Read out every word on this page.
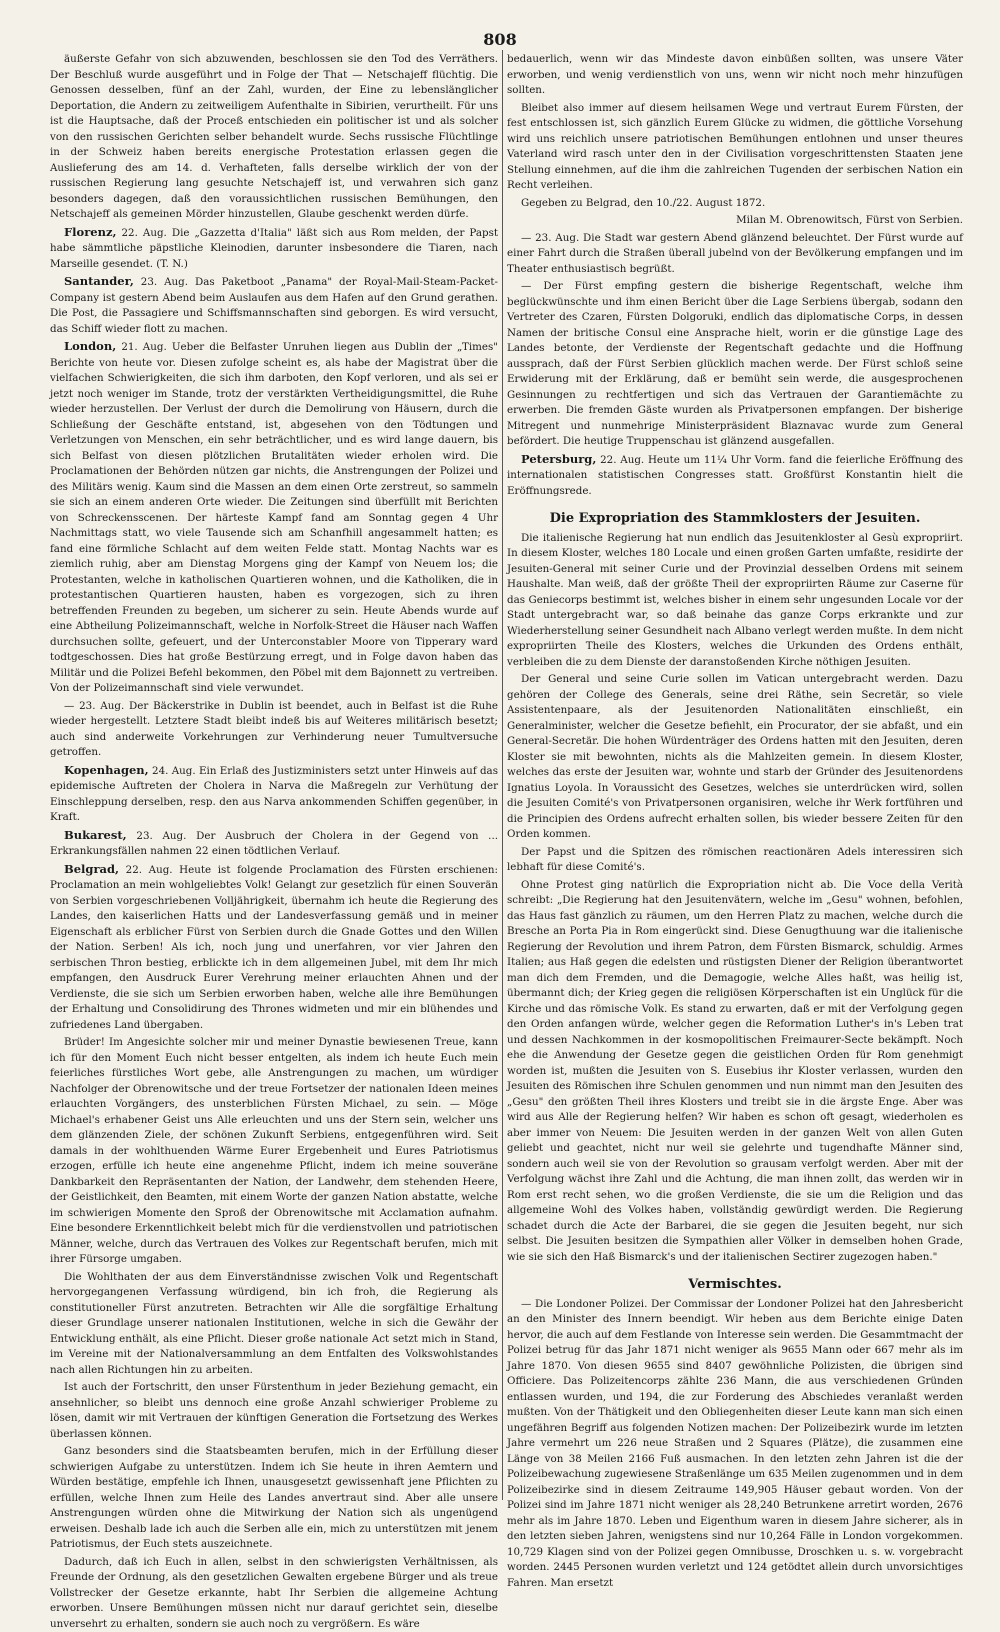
808

äußerste Gefahr von sich abzuwenden, beschlossen sie den Tod des Verräthers. Der Beschluß wurde ausgeführt und in Folge der That — Netschajeff flüchtig. Die Genossen desselben, fünf an der Zahl, wurden, der Eine zu lebenslänglicher Deportation, die Andern zu zeitweiligem Aufenthalte in Sibirien, verurtheilt. Für uns ist die Hauptsache, daß der Proceß entschieden ein politischer ist und als solcher von den russischen Gerichten selber behandelt wurde. Sechs russische Flüchtlinge in der Schweiz haben bereits energische Protestation erlassen gegen die Auslieferung des am 14. d. Verhafteten, falls derselbe wirklich der von der russischen Regierung lang gesuchte Netschajeff ist, und verwahren sich ganz besonders dagegen, daß den voraussichtlichen russischen Bemühungen, den Netschajeff als gemeinen Mörder hinzustellen, Glaube geschenkt werden dürfe.

Florenz, 22. Aug. Die „Gazzetta d'Italia" läßt sich aus Rom melden, der Papst habe sämmtliche päpstliche Kleinodien, darunter insbesondere die Tiaren, nach Marseille gesendet. (T. N.)

Santander, 23. Aug. Das Paketboot „Panama" der Royal-Mail-Steam-Packet-Company ist gestern Abend beim Auslaufen aus dem Hafen auf den Grund gerathen. Die Post, die Passagiere und Schiffsmannschaften sind geborgen. Es wird versucht, das Schiff wieder flott zu machen.

London, 21. Aug. Ueber die Belfaster Unruhen liegen aus Dublin der „Times" Berichte von heute vor. Diesen zufolge scheint es, als habe der Magistrat über die vielfachen Schwierigkeiten, die sich ihm darboten, den Kopf verloren, und als sei er jetzt noch weniger im Stande, trotz der verstärkten Vertheidigungsmittel, die Ruhe wieder herzustellen. Der Verlust der durch die Demolirung von Häusern, durch die Schließung der Geschäfte entstand, ist, abgesehen von den Tödtungen und Verletzungen von Menschen, ein sehr beträchtlicher, und es wird lange dauern, bis sich Belfast von diesen plötzlichen Brutalitäten wieder erholen wird. Die Proclamationen der Behörden nützen gar nichts, die Anstrengungen der Polizei und des Militärs wenig. Kaum sind die Massen an dem einen Orte zerstreut, so sammeln sie sich an einem anderen Orte wieder. Die Zeitungen sind überfüllt mit Berichten von Schreckensscenen. Der härteste Kampf fand am Sonntag gegen 4 Uhr Nachmittags statt, wo viele Tausende sich am Schanfhill angesammelt hatten; es fand eine förmliche Schlacht auf dem weiten Felde statt. Montag Nachts war es ziemlich ruhig, aber am Dienstag Morgens ging der Kampf von Neuem los; die Protestanten, welche in katholischen Quartieren wohnen, und die Katholiken, die in protestantischen Quartieren hausten, haben es vorgezogen, sich zu ihren betreffenden Freunden zu begeben, um sicherer zu sein. Heute Abends wurde auf eine Abtheilung Polizeimannschaft, welche in Norfolk-Street die Häuser nach Waffen durchsuchen sollte, gefeuert, und der Unterconstabler Moore von Tipperary ward todtgeschossen. Dies hat große Bestürzung erregt, und in Folge davon haben das Militär und die Polizei Befehl bekommen, den Pöbel mit dem Bajonnett zu vertreiben. Von der Polizeimannschaft sind viele verwundet.

— 23. Aug. Der Bäckerstrike in Dublin ist beendet, auch in Belfast ist die Ruhe wieder hergestellt. Letztere Stadt bleibt indeß bis auf Weiteres militärisch besetzt; auch sind anderweite Vorkehrungen zur Verhinderung neuer Tumultversuche getroffen.

Kopenhagen, 24. Aug. Ein Erlaß des Justizministers setzt unter Hinweis auf das epidemische Auftreten der Cholera in Narva die Maßregeln zur Verhütung der Einschleppung derselben, resp. den aus Narva ankommenden Schiffen gegenüber, in Kraft.

Bukarest, 23. Aug. Der Ausbruch der Cholera in der Gegend von ... Erkrankungsfällen nahmen 22 einen tödtlichen Verlauf.

Belgrad, 22. Aug. Heute ist folgende Proclamation des Fürsten erschienen: Proclamation an mein wohlgeliebtes Volk! Gelangt zur gesetzlich für einen Souverän von Serbien vorgeschriebenen Volljährigkeit, übernahm ich heute die Regierung des Landes, den kaiserlichen Hatts und der Landesverfassung gemäß und in meiner Eigenschaft als erblicher Fürst von Serbien durch die Gnade Gottes und den Willen der Nation. Serben! Als ich, noch jung und unerfahren, vor vier Jahren den serbischen Thron bestieg, erblickte ich in dem allgemeinen Jubel, mit dem Ihr mich empfangen, den Ausdruck Eurer Verehrung meiner erlauchten Ahnen und der Verdienste, die sie sich um Serbien erworben haben, welche alle ihre Bemühungen der Erhaltung und Consolidirung des Thrones widmeten und mir ein blühendes und zufriedenes Land übergaben.

Brüder! Im Angesichte solcher mir und meiner Dynastie bewiesenen Treue, kann ich für den Moment Euch nicht besser entgelten, als indem ich heute Euch mein feierliches fürstliches Wort gebe, alle Anstrengungen zu machen, um würdiger Nachfolger der Obrenowitsche und der treue Fortsetzer der nationalen Ideen meines erlauchten Vorgängers, des unsterblichen Fürsten Michael, zu sein. — Möge Michael's erhabener Geist uns Alle erleuchten und uns der Stern sein, welcher uns dem glänzenden Ziele, der schönen Zukunft Serbiens, entgegenführen wird. Seit damals in der wohlthuenden Wärme Eurer Ergebenheit und Eures Patriotismus erzogen, erfülle ich heute eine angenehme Pflicht, indem ich meine souveräne Dankbarkeit den Repräsentanten der Nation, der Landwehr, dem stehenden Heere, der Geistlichkeit, den Beamten, mit einem Worte der ganzen Nation abstatte, welche im schwierigen Momente den Sproß der Obrenowitsche mit Acclamation aufnahm. Eine besondere Erkenntlichkeit belebt mich für die verdienstvollen und patriotischen Männer, welche, durch das Vertrauen des Volkes zur Regentschaft berufen, mich mit ihrer Fürsorge umgaben.

Die Wohlthaten der aus dem Einverständnisse zwischen Volk und Regentschaft hervorgegangenen Verfassung würdigend, bin ich froh, die Regierung als constitutioneller Fürst anzutreten. Betrachten wir Alle die sorgfältige Erhaltung dieser Grundlage unserer nationalen Institutionen, welche in sich die Gewähr der Entwicklung enthält, als eine Pflicht. Dieser große nationale Act setzt mich in Stand, im Vereine mit der Nationalversammlung an dem Entfalten des Volkswohlstandes nach allen Richtungen hin zu arbeiten.

Ist auch der Fortschritt, den unser Fürstenthum in jeder Beziehung gemacht, ein ansehnlicher, so bleibt uns dennoch eine große Anzahl schwieriger Probleme zu lösen, damit wir mit Vertrauen der künftigen Generation die Fortsetzung des Werkes überlassen können.

Ganz besonders sind die Staatsbeamten berufen, mich in der Erfüllung dieser schwierigen Aufgabe zu unterstützen. Indem ich Sie heute in ihren Aemtern und Würden bestätige, empfehle ich Ihnen, unausgesetzt gewissenhaft jene Pflichten zu erfüllen, welche Ihnen zum Heile des Landes anvertraut sind. Aber alle unsere Anstrengungen würden ohne die Mitwirkung der Nation sich als ungenügend erweisen. Deshalb lade ich auch die Serben alle ein, mich zu unterstützen mit jenem Patriotismus, der Euch stets auszeichnete.

Dadurch, daß ich Euch in allen, selbst in den schwierigsten Verhältnissen, als Freunde der Ordnung, als den gesetzlichen Gewalten ergebene Bürger und als treue Vollstrecker der Gesetze erkannte, habt Ihr Serbien die allgemeine Achtung erworben. Unsere Bemühungen müssen nicht nur darauf gerichtet sein, dieselbe unversehrt zu erhalten, sondern sie auch noch zu vergrößern. Es wäre

bedauerlich, wenn wir das Mindeste davon einbüßen sollten, was unsere Väter erworben, und wenig verdienstlich von uns, wenn wir nicht noch mehr hinzufügen sollten.

Bleibet also immer auf diesem heilsamen Wege und vertraut Eurem Fürsten, der fest entschlossen ist, sich gänzlich Eurem Glücke zu widmen, die göttliche Vorsehung wird uns reichlich unsere patriotischen Bemühungen entlohnen und unser theures Vaterland wird rasch unter den in der Civilisation vorgeschrittensten Staaten jene Stellung einnehmen, auf die ihm die zahlreichen Tugenden der serbischen Nation ein Recht verleihen.

Gegeben zu Belgrad, den 10./22. August 1872.

Milan M. Obrenowitsch, Fürst von Serbien.

— 23. Aug. Die Stadt war gestern Abend glänzend beleuchtet. Der Fürst wurde auf einer Fahrt durch die Straßen überall jubelnd von der Bevölkerung empfangen und im Theater enthusiastisch begrüßt.

— Der Fürst empfing gestern die bisherige Regentschaft, welche ihm beglückwünschte und ihm einen Bericht über die Lage Serbiens übergab, sodann den Vertreter des Czaren, Fürsten Dolgoruki, endlich das diplomatische Corps, in dessen Namen der britische Consul eine Ansprache hielt, worin er die günstige Lage des Landes betonte, der Verdienste der Regentschaft gedachte und die Hoffnung aussprach, daß der Fürst Serbien glücklich machen werde. Der Fürst schloß seine Erwiderung mit der Erklärung, daß er bemüht sein werde, die ausgesprochenen Gesinnungen zu rechtfertigen und sich das Vertrauen der Garantiemächte zu erwerben. Die fremden Gäste wurden als Privatpersonen empfangen. Der bisherige Mitregent und nunmehrige Ministerpräsident Blaznavac wurde zum General befördert. Die heutige Truppenschau ist glänzend ausgefallen.

Petersburg, 22. Aug. Heute um 11¼ Uhr Vorm. fand die feierliche Eröffnung des internationalen statistischen Congresses statt. Großfürst Konstantin hielt die Eröffnungsrede.

Die Expropriation des Stammklosters der Jesuiten.

Die italienische Regierung hat nun endlich das Jesuitenkloster al Gesù expropriirt. In diesem Kloster, welches 180 Locale und einen großen Garten umfaßte, residirte der Jesuiten-General mit seiner Curie und der Provinzial desselben Ordens mit seinem Haushalte. Man weiß, daß der größte Theil der expropriirten Räume zur Caserne für das Geniecorps bestimmt ist, welches bisher in einem sehr ungesunden Locale vor der Stadt untergebracht war, so daß beinahe das ganze Corps erkrankte und zur Wiederherstellung seiner Gesundheit nach Albano verlegt werden mußte. In dem nicht expropriirten Theile des Klosters, welches die Urkunden des Ordens enthält, verbleiben die zu dem Dienste der daranstoßenden Kirche nöthigen Jesuiten.

Der General und seine Curie sollen im Vatican untergebracht werden. Dazu gehören der College des Generals, seine drei Räthe, sein Secretär, so viele Assistentenpaare, als der Jesuitenorden Nationalitäten einschließt, ein Generalminister, welcher die Gesetze befiehlt, ein Procurator, der sie abfaßt, und ein General-Secretär. Die hohen Würdenträger des Ordens hatten mit den Jesuiten, deren Kloster sie mit bewohnten, nichts als die Mahlzeiten gemein. In diesem Kloster, welches das erste der Jesuiten war, wohnte und starb der Gründer des Jesuitenordens Ignatius Loyola. In Voraussicht des Gesetzes, welches sie unterdrücken wird, sollen die Jesuiten Comité's von Privatpersonen organisiren, welche ihr Werk fortführen und die Principien des Ordens aufrecht erhalten sollen, bis wieder bessere Zeiten für den Orden kommen.

Der Papst und die Spitzen des römischen reactionären Adels interessiren sich lebhaft für diese Comité's.

Ohne Protest ging natürlich die Expropriation nicht ab. Die Voce della Verità schreibt: „Die Regierung hat den Jesuitenvätern, welche im „Gesu" wohnen, befohlen, das Haus fast gänzlich zu räumen, um den Herren Platz zu machen, welche durch die Bresche an Porta Pia in Rom eingerückt sind. Diese Genugthuung war die italienische Regierung der Revolution und ihrem Patron, dem Fürsten Bismarck, schuldig. Armes Italien; aus Haß gegen die edelsten und rüstigsten Diener der Religion überantwortet man dich dem Fremden, und die Demagogie, welche Alles haßt, was heilig ist, übermannt dich; der Krieg gegen die religiösen Körperschaften ist ein Unglück für die Kirche und das römische Volk. Es stand zu erwarten, daß er mit der Verfolgung gegen den Orden anfangen würde, welcher gegen die Reformation Luther's in's Leben trat und dessen Nachkommen in der kosmopolitischen Freimaurer-Secte bekämpft. Noch ehe die Anwendung der Gesetze gegen die geistlichen Orden für Rom genehmigt worden ist, mußten die Jesuiten von S. Eusebius ihr Kloster verlassen, wurden den Jesuiten des Römischen ihre Schulen genommen und nun nimmt man den Jesuiten des „Gesu" den größten Theil ihres Klosters und treibt sie in die ärgste Enge. Aber was wird aus Alle der Regierung helfen? Wir haben es schon oft gesagt, wiederholen es aber immer von Neuem: Die Jesuiten werden in der ganzen Welt von allen Guten geliebt und geachtet, nicht nur weil sie gelehrte und tugendhafte Männer sind, sondern auch weil sie von der Revolution so grausam verfolgt werden. Aber mit der Verfolgung wächst ihre Zahl und die Achtung, die man ihnen zollt, das werden wir in Rom erst recht sehen, wo die großen Verdienste, die sie um die Religion und das allgemeine Wohl des Volkes haben, vollständig gewürdigt werden. Die Regierung schadet durch die Acte der Barbarei, die sie gegen die Jesuiten begeht, nur sich selbst. Die Jesuiten besitzen die Sympathien aller Völker in demselben hohen Grade, wie sie sich den Haß Bismarck's und der italienischen Sectirer zugezogen haben."

Vermischtes.

— Die Londoner Polizei. Der Commissar der Londoner Polizei hat den Jahresbericht an den Minister des Innern beendigt. Wir heben aus dem Berichte einige Daten hervor, die auch auf dem Festlande von Interesse sein werden. Die Gesammtmacht der Polizei betrug für das Jahr 1871 nicht weniger als 9655 Mann oder 667 mehr als im Jahre 1870. Von diesen 9655 sind 8407 gewöhnliche Polizisten, die übrigen sind Officiere. Das Polizeitencorps zählte 236 Mann, die aus verschiedenen Gründen entlassen wurden, und 194, die zur Forderung des Abschiedes veranlaßt werden mußten. Von der Thätigkeit und den Obliegenheiten dieser Leute kann man sich einen ungefähren Begriff aus folgenden Notizen machen: Der Polizeibezirk wurde im letzten Jahre vermehrt um 226 neue Straßen und 2 Squares (Plätze), die zusammen eine Länge von 38 Meilen 2166 Fuß ausmachen. In den letzten zehn Jahren ist die der Polizeibewachung zugewiesene Straßenlänge um 635 Meilen zugenommen und in dem Polizeibezirke sind in diesem Zeitraume 149,905 Häuser gebaut worden. Von der Polizei sind im Jahre 1871 nicht weniger als 28,240 Betrunkene arretirt worden, 2676 mehr als im Jahre 1870. Leben und Eigenthum waren in diesem Jahre sicherer, als in den letzten sieben Jahren, wenigstens sind nur 10,264 Fälle in London vorgekommen. 10,729 Klagen sind von der Polizei gegen Omnibusse, Droschken u. s. w. vorgebracht worden. 2445 Personen wurden verletzt und 124 getödtet allein durch unvorsichtiges Fahren. Man ersetzt
